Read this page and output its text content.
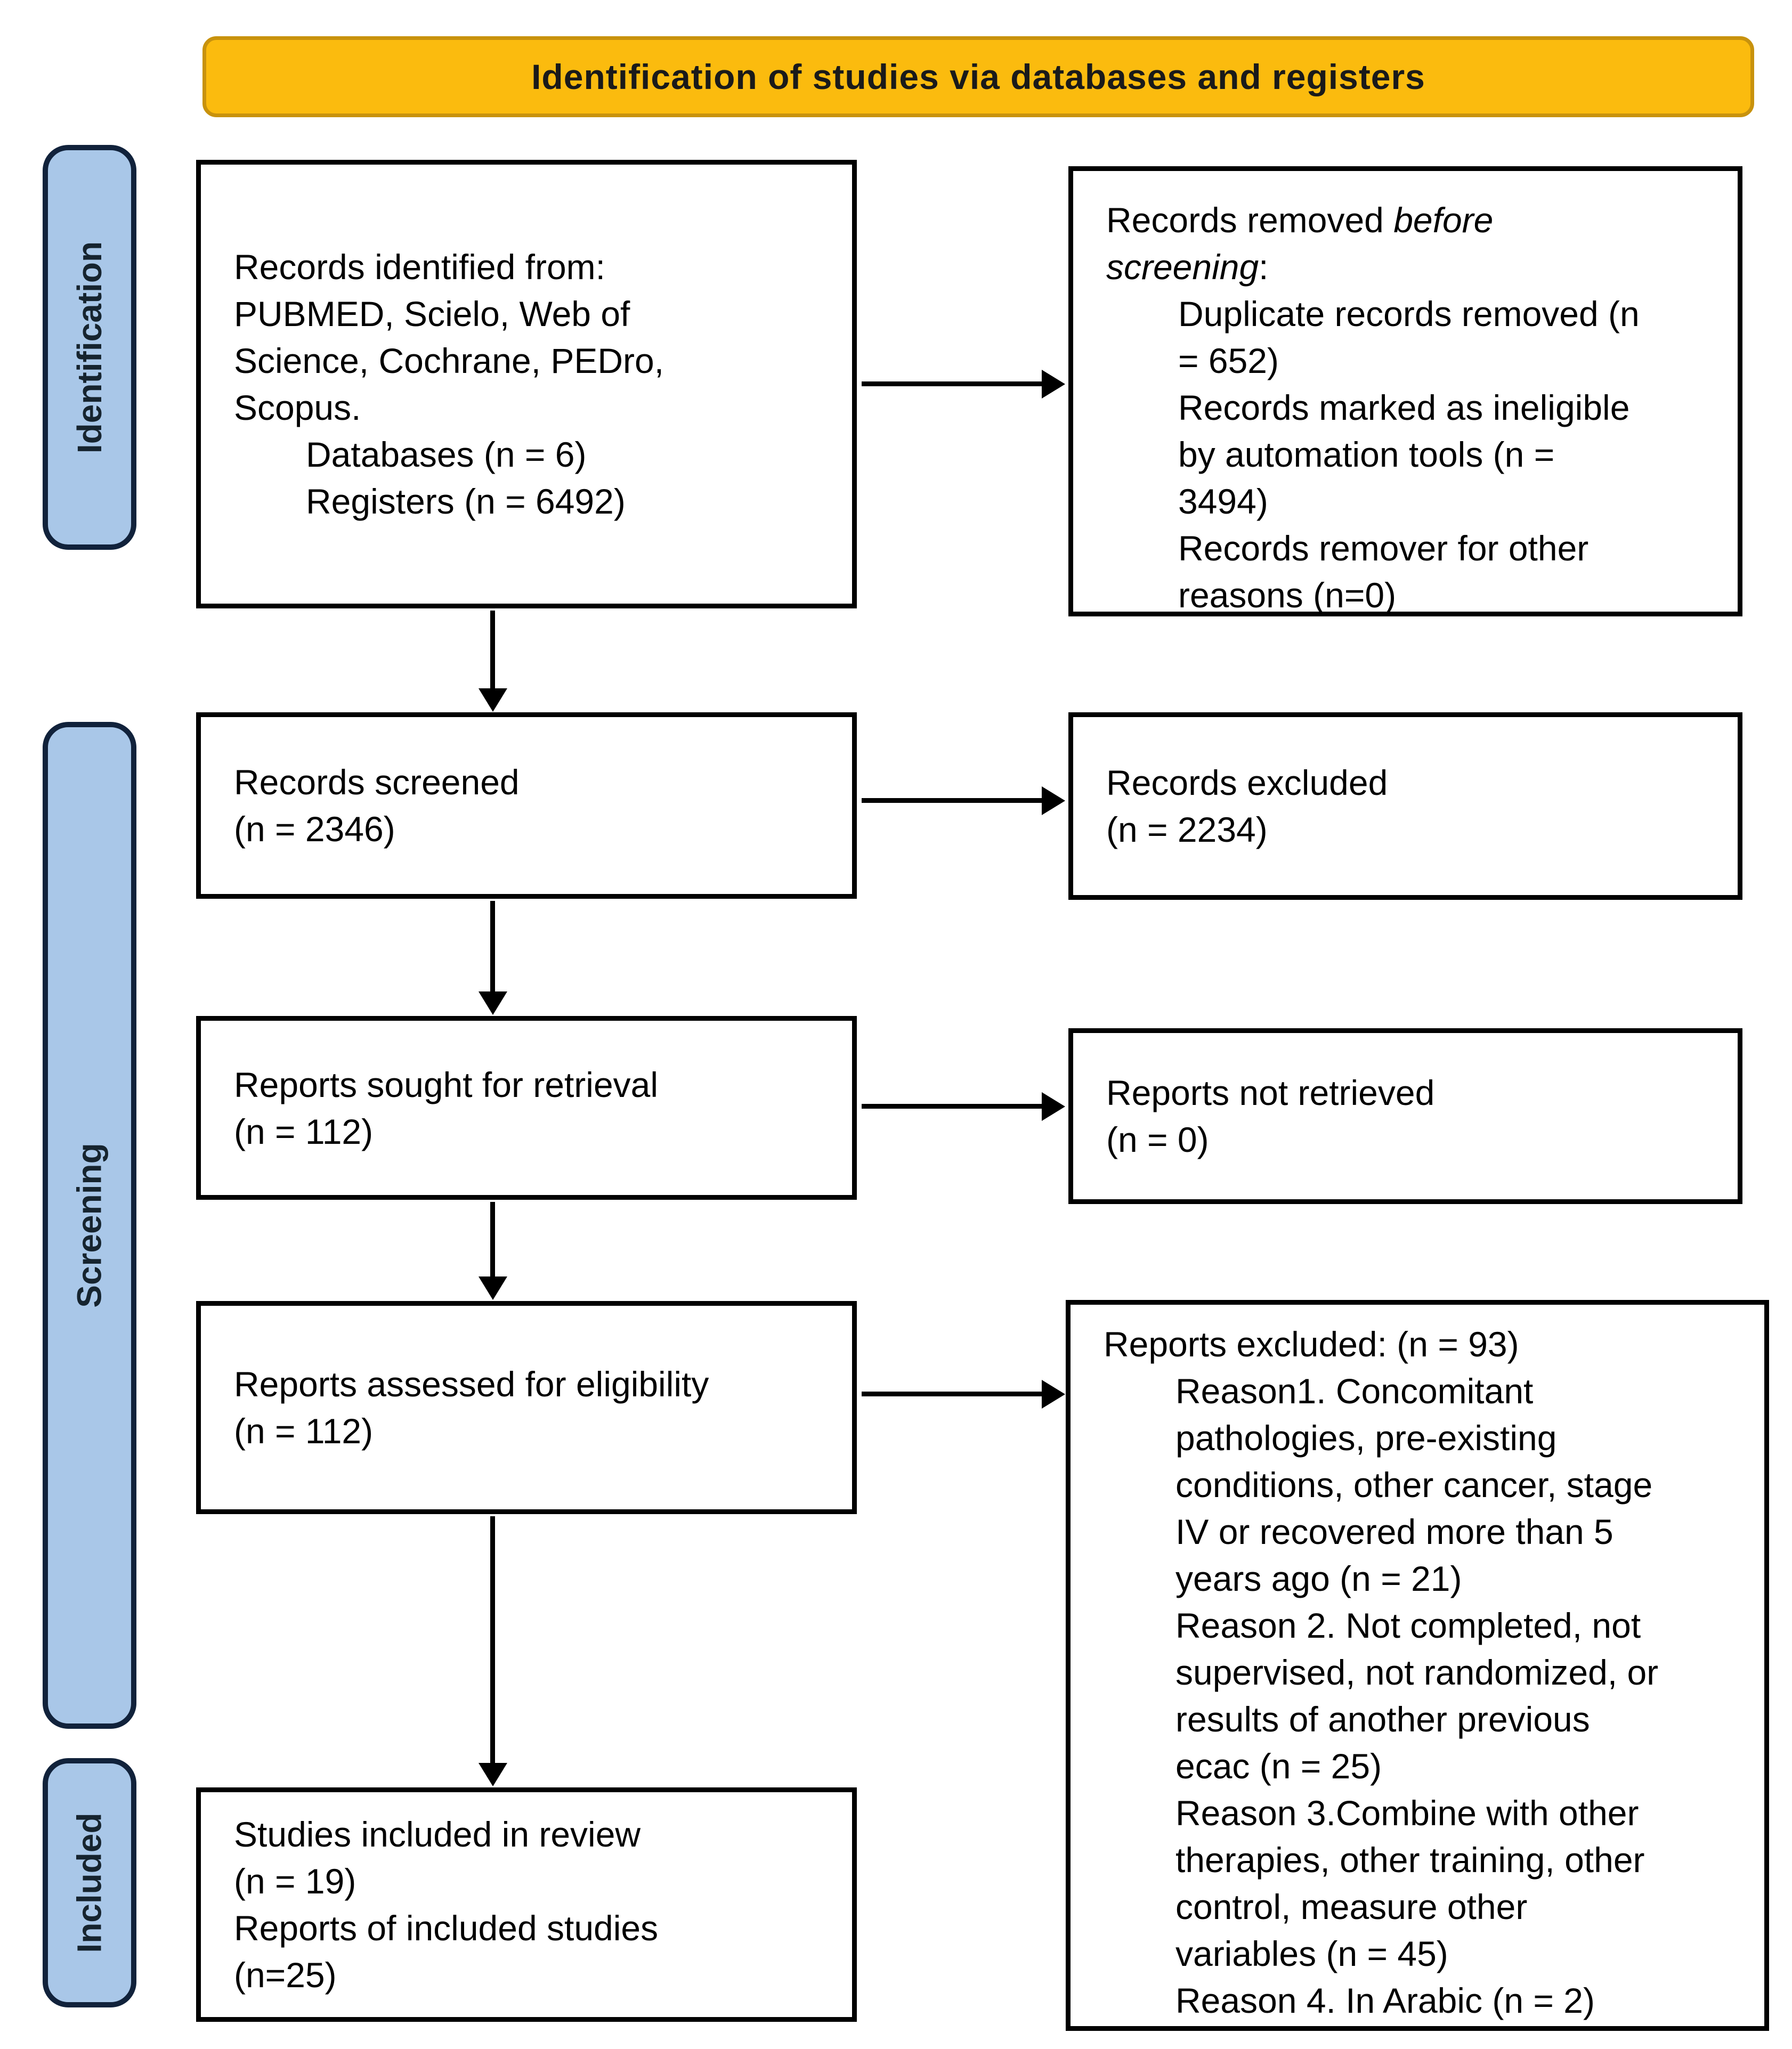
Identification of studies via databases and registers
Identification
Screening
Included
Records identified from:
PUBMED, Scielo, Web of
Science, Cochrane, PEDro,
Scopus.
Databases (n = 6)
Registers (n = 6492)
Records removed before
screening:
Duplicate records removed (n
= 652)
Records marked as ineligible
by automation tools (n =
3494)
Records remover for other
reasons (n=0)
Records screened
(n = 2346)
Records excluded
(n = 2234)
Reports sought for retrieval
(n = 112)
Reports not retrieved
(n = 0)
Reports assessed for eligibility
(n = 112)
Reports excluded: (n = 93)
Reason1. Concomitant
pathologies, pre-existing
conditions, other cancer, stage
IV or recovered more than 5
years ago (n = 21)
Reason 2. Not completed, not
supervised, not randomized, or
results of another previous
ecac (n = 25)
Reason 3.Combine with other
therapies, other training, other
control, measure other
variables (n = 45)
Reason 4. In Arabic (n = 2)
Studies included in review
(n = 19)
Reports of included studies
(n=25)
